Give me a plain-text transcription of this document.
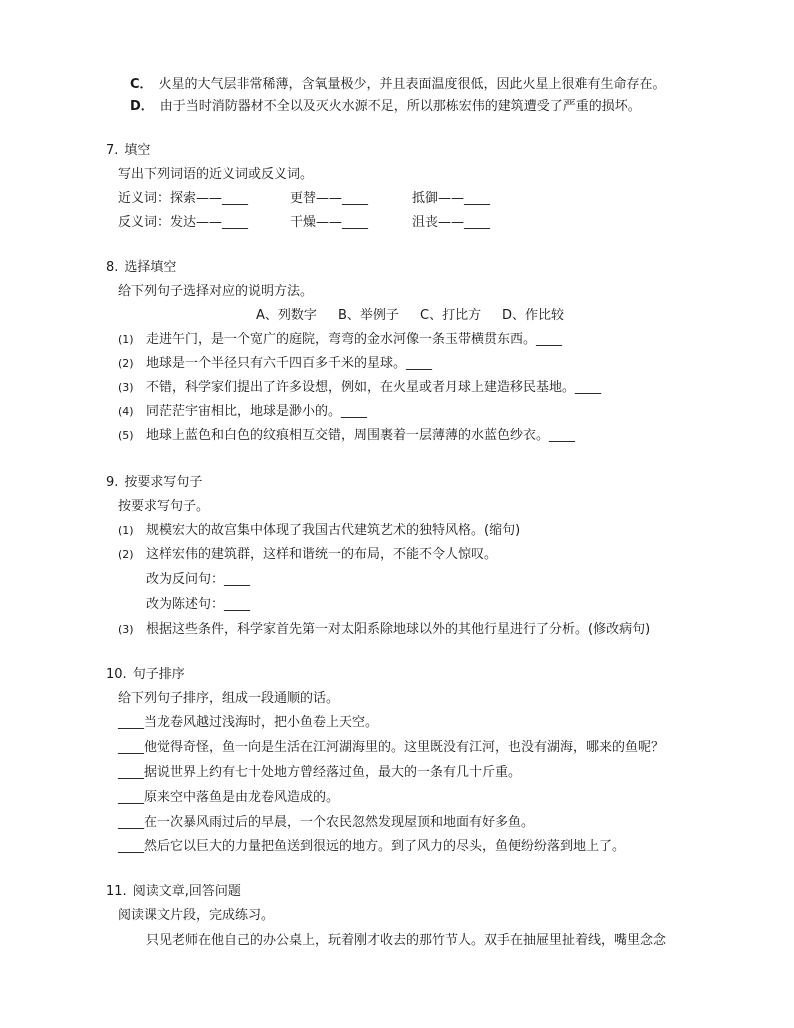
C． 火星的大气层非常稀薄，含氧量极少，并且表面温度很低，因此火星上很难有生命存在。
D． 由于当时消防器材不全以及灭火水源不足，所以那栋宏伟的建筑遭受了严重的损坏。
7. 填空
写出下列词语的近义词或反义词。
近义词：探索——____	更替——____	抵御——____
反义词：发达——____	干燥——____	沮丧——____
8. 选择填空
给下列句子选择对应的说明方法。
A、列数字 B、举例子 C、打比方 D、作比较
(1) 走进午门，是一个宽广的庭院，弯弯的金水河像一条玉带横贯东西。____
(2) 地球是一个半径只有六千四百多千米的星球。____
(3) 不错，科学家们提出了许多设想，例如，在火星或者月球上建造移民基地。____
(4) 同茫茫宇宙相比，地球是渺小的。____
(5) 地球上蓝色和白色的纹痕相互交错，周围裹着一层薄薄的水蓝色纱衣。____
9. 按要求写句子
按要求写句子。
(1) 规模宏大的故宫集中体现了我国古代建筑艺术的独特风格。(缩句)
(2) 这样宏伟的建筑群，这样和谐统一的布局，不能不令人惊叹。
改为反问句：____
改为陈述句：____
(3) 根据这些条件，科学家首先第一对太阳系除地球以外的其他行星进行了分析。(修改病句)
10. 句子排序
给下列句子排序，组成一段通顺的话。
____当龙卷风越过浅海时，把小鱼卷上天空。
____他觉得奇怪，鱼一向是生活在江河湖海里的。这里既没有江河，也没有湖海，哪来的鱼呢？
____据说世界上约有七十处地方曾经落过鱼，最大的一条有几十斤重。
____原来空中落鱼是由龙卷风造成的。
____在一次暴风雨过后的早晨，一个农民忽然发现屋顶和地面有好多鱼。
____然后它以巨大的力量把鱼送到很远的地方。到了风力的尽头，鱼便纷纷落到地上了。
11. 阅读文章,回答问题
阅读课文片段，完成练习。
只见老师在他自己的办公桌上，玩着刚才收去的那竹节人。双手在抽屉里扯着线，嘴里念念
